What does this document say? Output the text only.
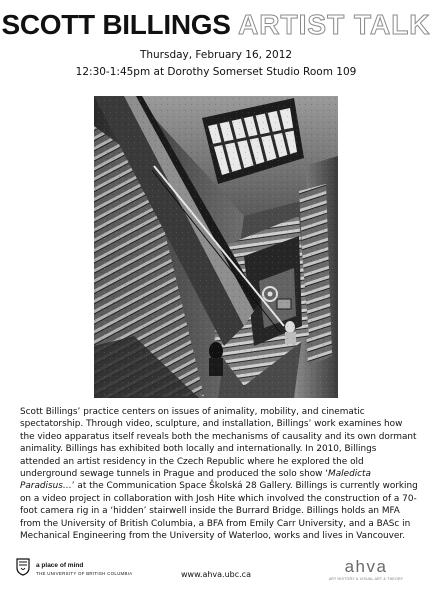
SCOTT BILLINGS ARTIST TALK
Thursday, February 16, 2012
12:30-1:45pm at Dorothy Somerset Studio Room 109

Scott Billings’ practice centers on issues of animality, mobility, and cinematic spectatorship. Through video, sculpture, and installation, Billings’ work examines how the video apparatus itself reveals both the mechanisms of causality and its own dormant animality. Billings has exhibited both locally and internationally. In 2010, Billings attended an artist residency in the Czech Republic where he explored the old underground sewage tunnels in Prague and produced the solo show ‘Maledicta Paradisus…’ at the Communication Space Školská 28 Gallery. Billings is currently working on a video project in collaboration with Josh Hite which involved the construction of a 70-foot camera rig in a ‘hidden’ stairwell inside the Burrard Bridge. Billings holds an MFA from the University of British Columbia, a BFA from Emily Carr University, and a BASc in Mechanical Engineering from the University of Waterloo, works and lives in Vancouver.

a place of mind
THE UNIVERSITY OF BRITISH COLUMBIA	www.ahva.ubc.ca	ahva
ART HISTORY & VISUAL ART & THEORY
